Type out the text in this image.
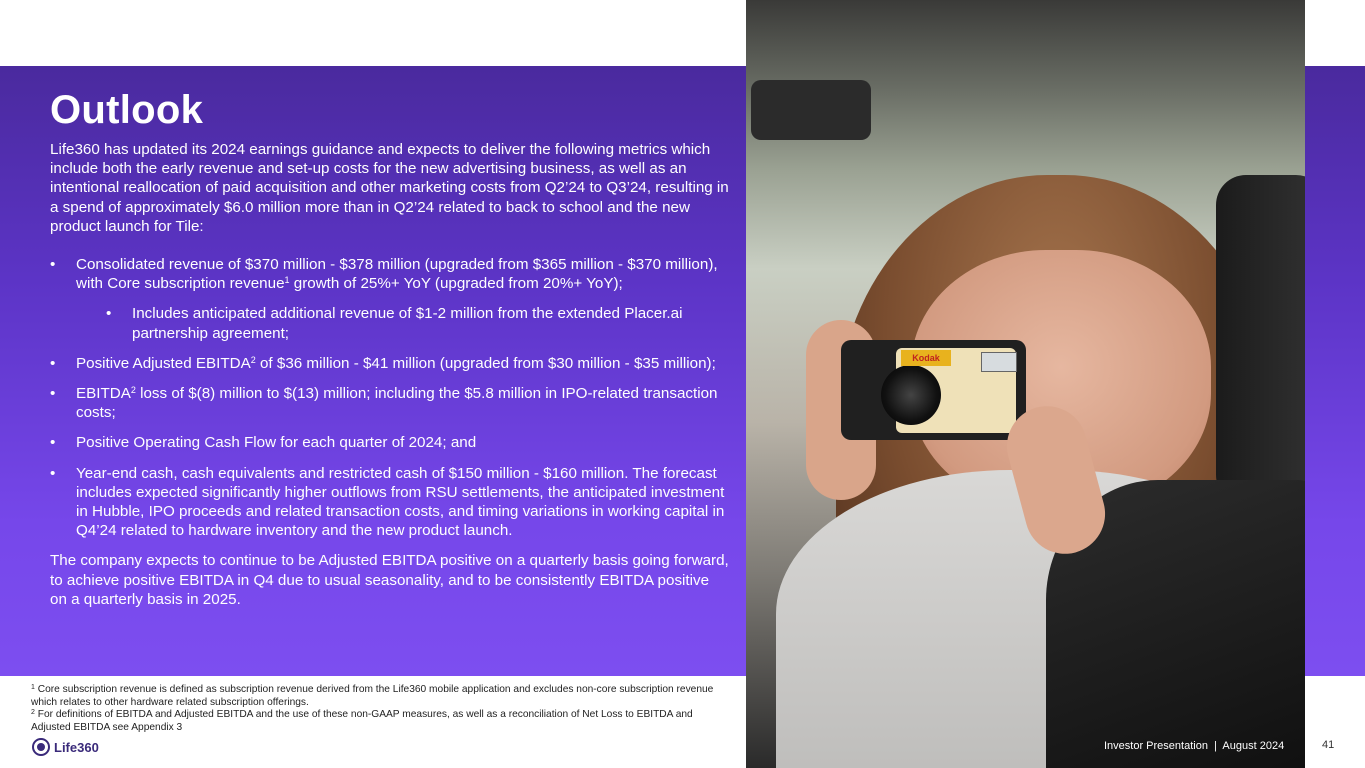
Kodak
Outlook

Life360 has updated its 2024 earnings guidance and expects to deliver the following metrics which include both the early revenue and set-up costs for the new advertising business, as well as an intentional reallocation of paid acquisition and other marketing costs from Q2’24 to Q3’24, resulting in a spend of approximately $6.0 million more than in Q2’24 related to back to school and the new product launch for Tile:

• Consolidated revenue of $370 million - $378 million (upgraded from $365 million - $370 million), with Core subscription revenue$^1$ growth of 25%+ YoY (upgraded from 20%+ YoY);
• Includes anticipated additional revenue of $1-2 million from the extended Placer.ai partnership agreement;
• Positive Adjusted EBITDA$^2$ of $36 million - $41 million (upgraded from $30 million - $35 million);
• EBITDA$^2$ loss of $(8) million to $(13) million; including the $5.8 million in IPO-related transaction costs;
• Positive Operating Cash Flow for each quarter of 2024; and
• Year-end cash, cash equivalents and restricted cash of $150 million - $160 million. The forecast includes expected significantly higher outflows from RSU settlements, the anticipated investment in Hubble, IPO proceeds and related transaction costs, and timing variations in working capital in Q4’24 related to hardware inventory and the new product launch.

The company expects to continue to be Adjusted EBITDA positive on a quarterly basis going forward, to achieve positive EBITDA in Q4 due to usual seasonality, and to be consistently EBITDA positive on a quarterly basis in 2025.

$^1$ Core subscription revenue is defined as subscription revenue derived from the Life360 mobile application and excludes non-core subscription revenue which relates to other hardware related subscription offerings.
$^2$ For definitions of EBITDA and Adjusted EBITDA and the use of these non-GAAP measures, as well as a reconciliation of Net Loss to EBITDA and Adjusted EBITDA see Appendix 3
Life360	Investor Presentation  |  August 2024	41
